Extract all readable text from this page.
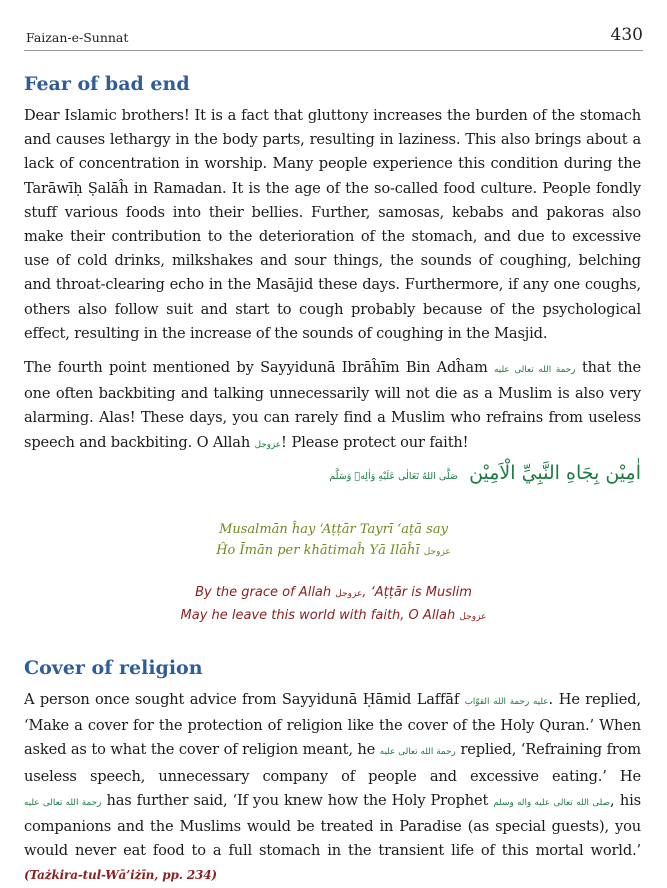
Faizan-e-Sunnat	430
Fear of bad end

Dear Islamic brothers! It is a fact that gluttony increases the burden of the stomach and causes lethargy in the body parts, resulting in laziness. This also brings about a lack of concentration in worship. Many people experience this condition during the Tarāwīḥ Ṣalāĥ in Ramadan. It is the age of the so-called food culture. People fondly stuff various foods into their bellies. Further, samosas, kebabs and pakoras also make their contribution to the deterioration of the stomach, and due to excessive use of cold drinks, milkshakes and sour things, the sounds of coughing, belching and throat-clearing echo in the Masājid these days. Furthermore, if any one coughs, others also follow suit and start to cough probably because of the psychological effect, resulting in the increase of the sounds of coughing in the Masjid.

The fourth point mentioned by Sayyidunā Ibrāĥīm Bin Adĥam رحمة الله تعالى عليه that the one often backbiting and talking unnecessarily will not die as a Muslim is also very alarming. Alas! These days, you can rarely find a Muslim who refrains from useless speech and backbiting. O Allah عزوجل! Please protect our faith!

اٰمِيْن بِجَاهِ النَّبِيِّ الْاَمِيْن صَلَّى اللهُ تَعَالٰى عَلَيْهِ وَاٰلِهٖ وَسَلَّم
Musalmān ĥay ‘Aṭṭār Tayrī ‘aṭā say
Ĥo Īmān per khātimaĥ Yā Ilāĥī عزوجل
By the grace of Allah عزوجل, ‘Aṭṭār is Muslim
May he leave this world with faith, O Allah عزوجل
Cover of religion

A person once sought advice from Sayyidunā Ḥāmid Laffāf عليه رحمة الله القوّاب. He replied, ‘Make a cover for the protection of religion like the cover of the Holy Quran.’ When asked as to what the cover of religion meant, he رحمة الله تعالى عليه replied, ‘Refraining from useless speech, unnecessary company of people and excessive eating.’ He رحمة الله تعالى عليه has further said, ‘If you knew how the Holy Prophet صلى الله تعالى عليه واله وسلم, his companions and the Muslims would be treated in Paradise (as special guests), you would never eat food to a full stomach in the transient life of this mortal world.’ (Tażkira-tul-Wā’iżīn, pp. 234)
